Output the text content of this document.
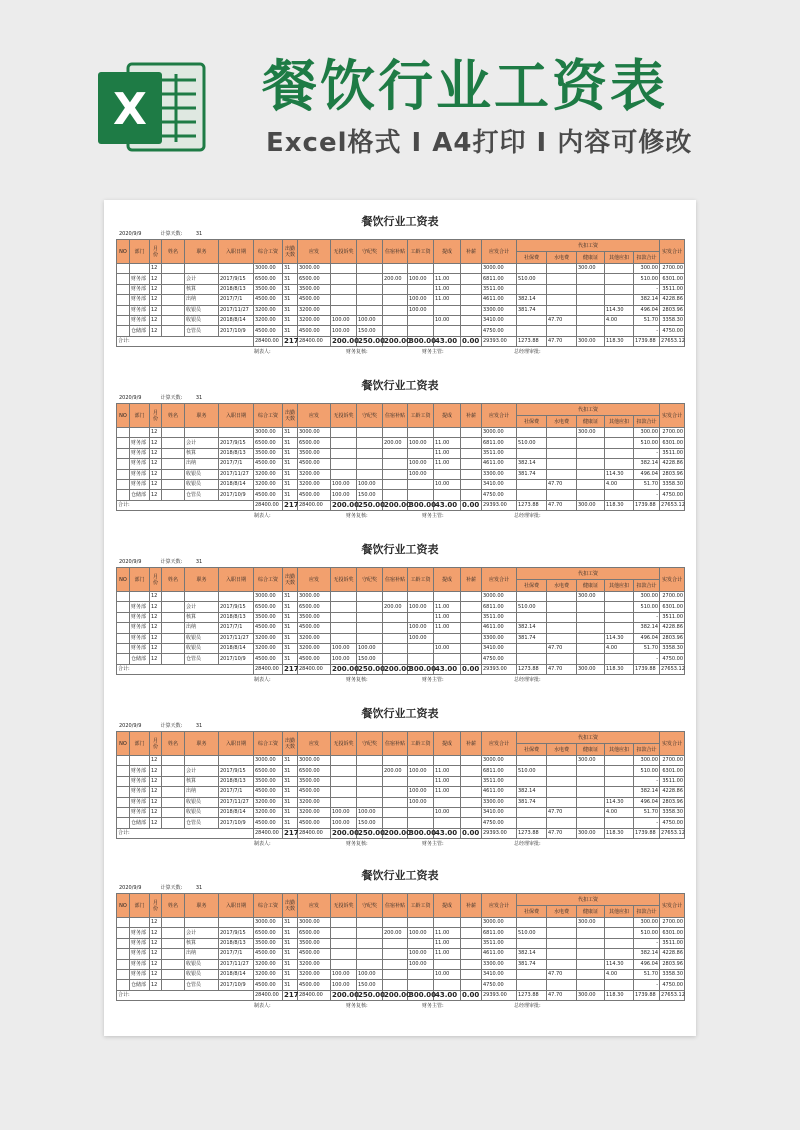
X 餐饮行业工资表
Excel格式 I A4打印 I 内容可修改
餐饮行业工资表
2020/9/9	计算天数:	31
NO	部门	月份	姓名	职务	入职日期	综合工资	出勤天数	应发	无投诉奖	守纪奖	住宿补贴	工龄工资	提成	补薪	应发合计	代扣工资					实发合计
																社保费	水电费	健康证	其他应扣	扣款合计	
		12				3000.00	31	3000.00							3000.00			300.00		300.00	2700.00
	财务部	12		会计	2017/9/15	6500.00	31	6500.00			200.00	100.00	11.00		6811.00	510.00				510.00	6301.00
	财务部	12		核算	2018/8/13	3500.00	31	3500.00					11.00		3511.00					-	3511.00
	财务部	12		出纳	2017/7/1	4500.00	31	4500.00				100.00	11.00		4611.00	382.14				382.14	4228.86
	财务部	12		收银员	2017/11/27	3200.00	31	3200.00				100.00			3300.00	381.74			114.30	496.04	2803.96
	财务部	12		收银员	2018/8/14	3200.00	31	3200.00	100.00	100.00			10.00		3410.00		47.70		4.00	51.70	3358.30
	仓储部	12		仓管员	2017/10/9	4500.00	31	4500.00	100.00	150.00					4750.00					-	4750.00
合计:						28400.00	217	28400.00	200.00	250.00	200.00	300.00	43.00	0.00	29393.00	1273.88	47.70	300.00	118.30	1739.88	27653.12
制表人:	财务复核:	财务主管:	总经理审批:
餐饮行业工资表
2020/9/9	计算天数:	31
NO	部门	月份	姓名	职务	入职日期	综合工资	出勤天数	应发	无投诉奖	守纪奖	住宿补贴	工龄工资	提成	补薪	应发合计	代扣工资					实发合计
																社保费	水电费	健康证	其他应扣	扣款合计	
		12				3000.00	31	3000.00							3000.00			300.00		300.00	2700.00
	财务部	12		会计	2017/9/15	6500.00	31	6500.00			200.00	100.00	11.00		6811.00	510.00				510.00	6301.00
	财务部	12		核算	2018/8/13	3500.00	31	3500.00					11.00		3511.00					-	3511.00
	财务部	12		出纳	2017/7/1	4500.00	31	4500.00				100.00	11.00		4611.00	382.14				382.14	4228.86
	财务部	12		收银员	2017/11/27	3200.00	31	3200.00				100.00			3300.00	381.74			114.30	496.04	2803.96
	财务部	12		收银员	2018/8/14	3200.00	31	3200.00	100.00	100.00			10.00		3410.00		47.70		4.00	51.70	3358.30
	仓储部	12		仓管员	2017/10/9	4500.00	31	4500.00	100.00	150.00					4750.00					-	4750.00
合计:						28400.00	217	28400.00	200.00	250.00	200.00	300.00	43.00	0.00	29393.00	1273.88	47.70	300.00	118.30	1739.88	27653.12
制表人:	财务复核:	财务主管:	总经理审批:
餐饮行业工资表
2020/9/9	计算天数:	31
NO	部门	月份	姓名	职务	入职日期	综合工资	出勤天数	应发	无投诉奖	守纪奖	住宿补贴	工龄工资	提成	补薪	应发合计	代扣工资					实发合计
																社保费	水电费	健康证	其他应扣	扣款合计	
		12				3000.00	31	3000.00							3000.00			300.00		300.00	2700.00
	财务部	12		会计	2017/9/15	6500.00	31	6500.00			200.00	100.00	11.00		6811.00	510.00				510.00	6301.00
	财务部	12		核算	2018/8/13	3500.00	31	3500.00					11.00		3511.00					-	3511.00
	财务部	12		出纳	2017/7/1	4500.00	31	4500.00				100.00	11.00		4611.00	382.14				382.14	4228.86
	财务部	12		收银员	2017/11/27	3200.00	31	3200.00				100.00			3300.00	381.74			114.30	496.04	2803.96
	财务部	12		收银员	2018/8/14	3200.00	31	3200.00	100.00	100.00			10.00		3410.00		47.70		4.00	51.70	3358.30
	仓储部	12		仓管员	2017/10/9	4500.00	31	4500.00	100.00	150.00					4750.00					-	4750.00
合计:						28400.00	217	28400.00	200.00	250.00	200.00	300.00	43.00	0.00	29393.00	1273.88	47.70	300.00	118.30	1739.88	27653.12
制表人:	财务复核:	财务主管:	总经理审批:
餐饮行业工资表
2020/9/9	计算天数:	31
NO	部门	月份	姓名	职务	入职日期	综合工资	出勤天数	应发	无投诉奖	守纪奖	住宿补贴	工龄工资	提成	补薪	应发合计	代扣工资					实发合计
																社保费	水电费	健康证	其他应扣	扣款合计	
		12				3000.00	31	3000.00							3000.00			300.00		300.00	2700.00
	财务部	12		会计	2017/9/15	6500.00	31	6500.00			200.00	100.00	11.00		6811.00	510.00				510.00	6301.00
	财务部	12		核算	2018/8/13	3500.00	31	3500.00					11.00		3511.00					-	3511.00
	财务部	12		出纳	2017/7/1	4500.00	31	4500.00				100.00	11.00		4611.00	382.14				382.14	4228.86
	财务部	12		收银员	2017/11/27	3200.00	31	3200.00				100.00			3300.00	381.74			114.30	496.04	2803.96
	财务部	12		收银员	2018/8/14	3200.00	31	3200.00	100.00	100.00			10.00		3410.00		47.70		4.00	51.70	3358.30
	仓储部	12		仓管员	2017/10/9	4500.00	31	4500.00	100.00	150.00					4750.00					-	4750.00
合计:						28400.00	217	28400.00	200.00	250.00	200.00	300.00	43.00	0.00	29393.00	1273.88	47.70	300.00	118.30	1739.88	27653.12
制表人:	财务复核:	财务主管:	总经理审批:
餐饮行业工资表
2020/9/9	计算天数:	31
NO	部门	月份	姓名	职务	入职日期	综合工资	出勤天数	应发	无投诉奖	守纪奖	住宿补贴	工龄工资	提成	补薪	应发合计	代扣工资					实发合计
																社保费	水电费	健康证	其他应扣	扣款合计	
		12				3000.00	31	3000.00							3000.00			300.00		300.00	2700.00
	财务部	12		会计	2017/9/15	6500.00	31	6500.00			200.00	100.00	11.00		6811.00	510.00				510.00	6301.00
	财务部	12		核算	2018/8/13	3500.00	31	3500.00					11.00		3511.00					-	3511.00
	财务部	12		出纳	2017/7/1	4500.00	31	4500.00				100.00	11.00		4611.00	382.14				382.14	4228.86
	财务部	12		收银员	2017/11/27	3200.00	31	3200.00				100.00			3300.00	381.74			114.30	496.04	2803.96
	财务部	12		收银员	2018/8/14	3200.00	31	3200.00	100.00	100.00			10.00		3410.00		47.70		4.00	51.70	3358.30
	仓储部	12		仓管员	2017/10/9	4500.00	31	4500.00	100.00	150.00					4750.00					-	4750.00
合计:						28400.00	217	28400.00	200.00	250.00	200.00	300.00	43.00	0.00	29393.00	1273.88	47.70	300.00	118.30	1739.88	27653.12
制表人:	财务复核:	财务主管:	总经理审批:
